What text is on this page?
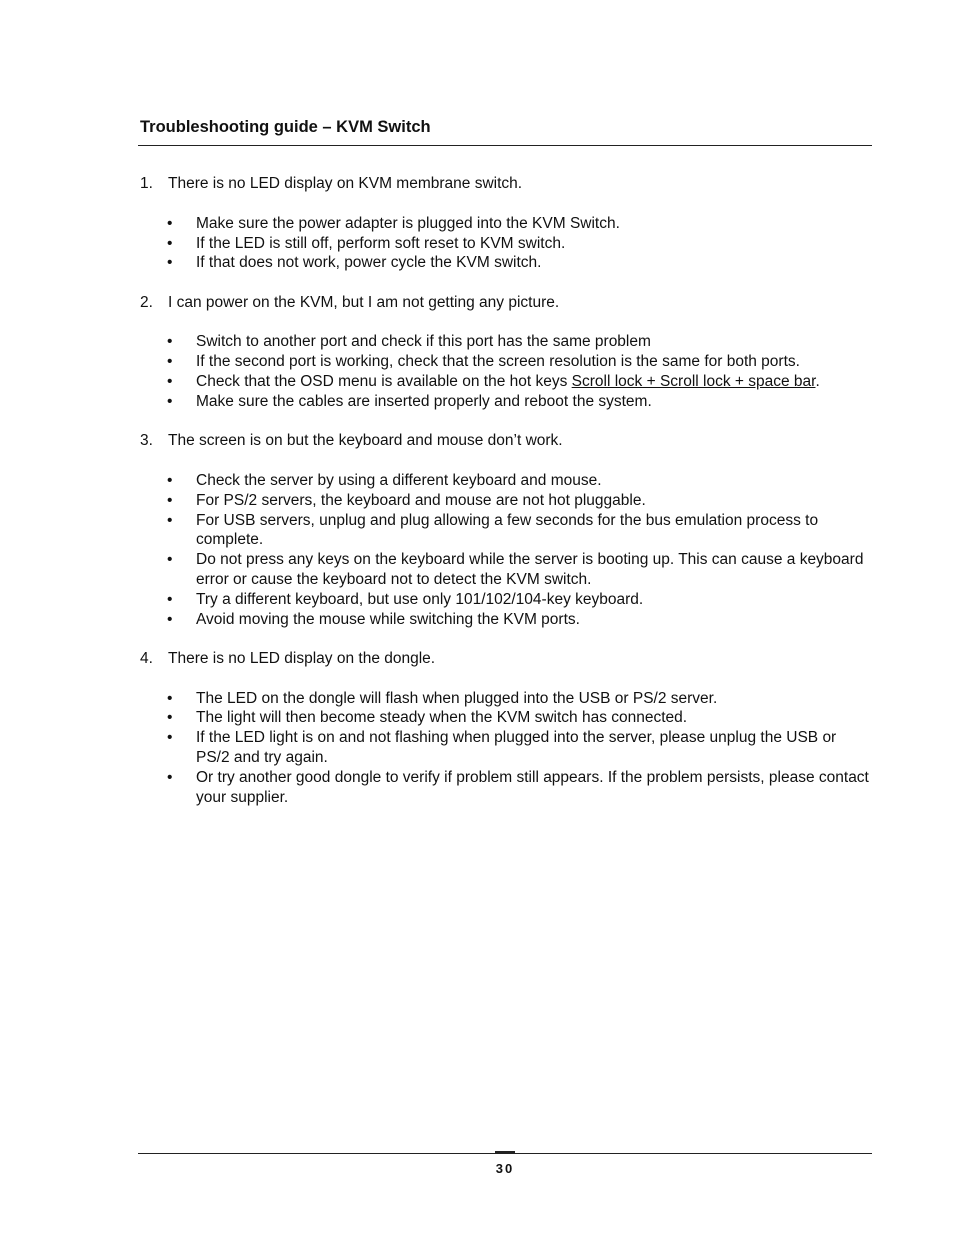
Troubleshooting guide – KVM Switch
1. There is no LED display on KVM membrane switch.
• Make sure the power adapter is plugged into the KVM Switch.
• If the LED is still off, perform soft reset to KVM switch.
• If that does not work, power cycle the KVM switch.
2. I can power on the KVM, but I am not getting any picture.
• Switch to another port and check if this port has the same problem
• If the second port is working, check that the screen resolution is the same for both ports.
• Check that the OSD menu is available on the hot keys Scroll lock + Scroll lock + space bar.
• Make sure the cables are inserted properly and reboot the system.
3. The screen is on but the keyboard and mouse don’t work.
• Check the server by using a different keyboard and mouse.
• For PS/2 servers, the keyboard and mouse are not hot pluggable.
• For USB servers, unplug and plug allowing a few seconds for the bus emulation process to complete.
• Do not press any keys on the keyboard while the server is booting up. This can cause a keyboard error or cause the keyboard not to detect the KVM switch.
• Try a different keyboard, but use only 101/102/104-key keyboard.
• Avoid moving the mouse while switching the KVM ports.
4. There is no LED display on the dongle.
• The LED on the dongle will flash when plugged into the USB or PS/2 server.
• The light will then become steady when the KVM switch has connected.
• If the LED light is on and not flashing when plugged into the server, please unplug the USB or PS/2 and try again.
• Or try another good dongle to verify if problem still appears. If the problem persists, please contact your supplier.
30
